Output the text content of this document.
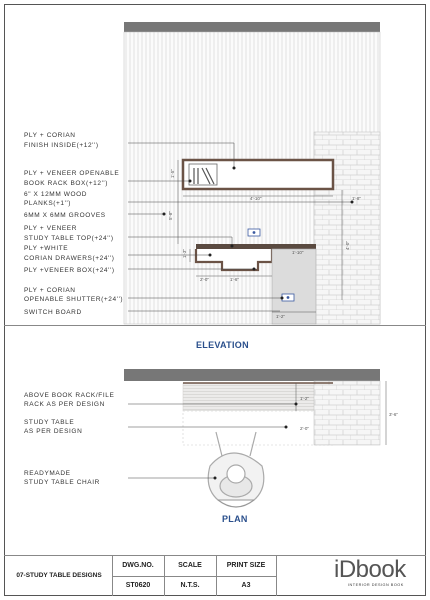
4'-10"
5'-8"
1'-5"
1'-6"
2'-0"
1'-3"	1'-10"
1'-2"
4'-0"
1'-8"
1'-2"
2'-0"
3'-6"
PLY + CORIAN
FINISH INSIDE(+12'')
PLY + VENEER OPENABLE
BOOK RACK BOX(+12'')
6" X 12MM WOOD
PLANKS(+1'')
6MM X 6MM GROOVES
PLY + VENEER
STUDY TABLE TOP(+24'')
PLY +WHITE
CORIAN DRAWERS(+24'')
PLY +VENEER BOX(+24'')
PLY + CORIAN
OPENABLE SHUTTER(+24'')
SWITCH BOARD
ELEVATION
ABOVE BOOK RACK/FILE
RACK AS PER DESIGN
STUDY TABLE
AS PER DESIGN
READYMADE
STUDY TABLE CHAIR
PLAN
07-STUDY TABLE DESIGNS
DWG.NO.
ST0620
SCALE
N.T.S.
PRINT SIZE
A3
iDbook
INTERIOR DESIGN BOOK
